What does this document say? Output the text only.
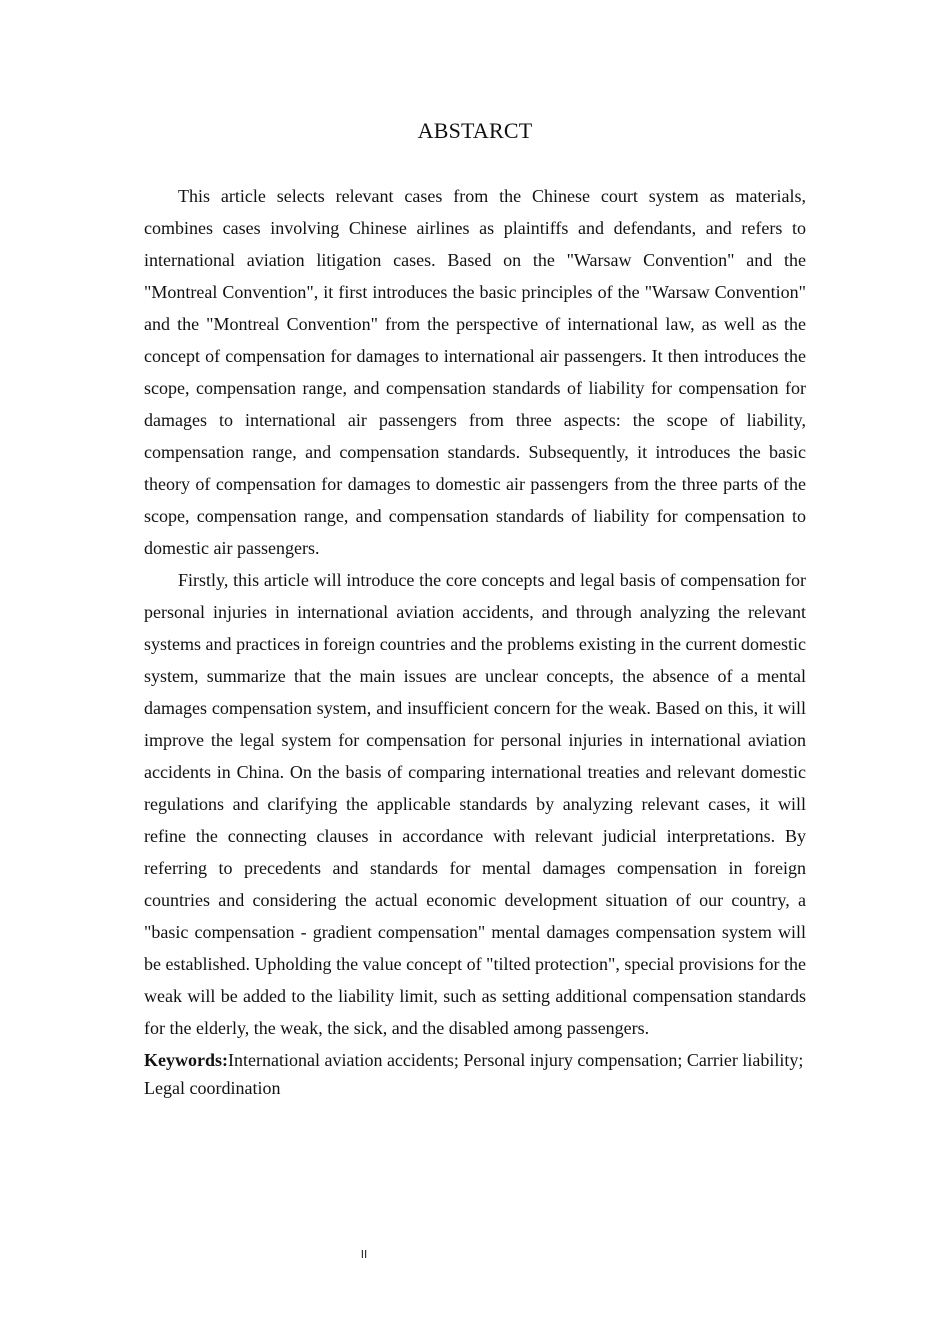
ABSTARCT

This article selects relevant cases from the Chinese court system as materials, combines cases involving Chinese airlines as plaintiffs and defendants, and refers to international aviation litigation cases. Based on the "Warsaw Convention" and the "Montreal Convention", it first introduces the basic principles of the "Warsaw Convention" and the "Montreal Convention" from the perspective of international law, as well as the concept of compensation for damages to international air passengers. It then introduces the scope, compensation range, and compensation standards of liability for compensation for damages to international air passengers from three aspects: the scope of liability, compensation range, and compensation standards. Subsequently, it introduces the basic theory of compensation for damages to domestic air passengers from the three parts of the scope, compensation range, and compensation standards of liability for compensation to domestic air passengers.

Firstly, this article will introduce the core concepts and legal basis of compensation for personal injuries in international aviation accidents, and through analyzing the relevant systems and practices in foreign countries and the problems existing in the current domestic system, summarize that the main issues are unclear concepts, the absence of a mental damages compensation system, and insufficient concern for the weak. Based on this, it will improve the legal system for compensation for personal injuries in international aviation accidents in China. On the basis of comparing international treaties and relevant domestic regulations and clarifying the applicable standards by analyzing relevant cases, it will refine the connecting clauses in accordance with relevant judicial interpretations. By referring to precedents and standards for mental damages compensation in foreign countries and considering the actual economic development situation of our country, a "basic compensation - gradient compensation" mental damages compensation system will be established. Upholding the value concept of "tilted protection", special provisions for the weak will be added to the liability limit, such as setting additional compensation standards for the elderly, the weak, the sick, and the disabled among passengers.

Keywords:International aviation accidents; Personal injury compensation; Carrier liability; Legal coordination

II
